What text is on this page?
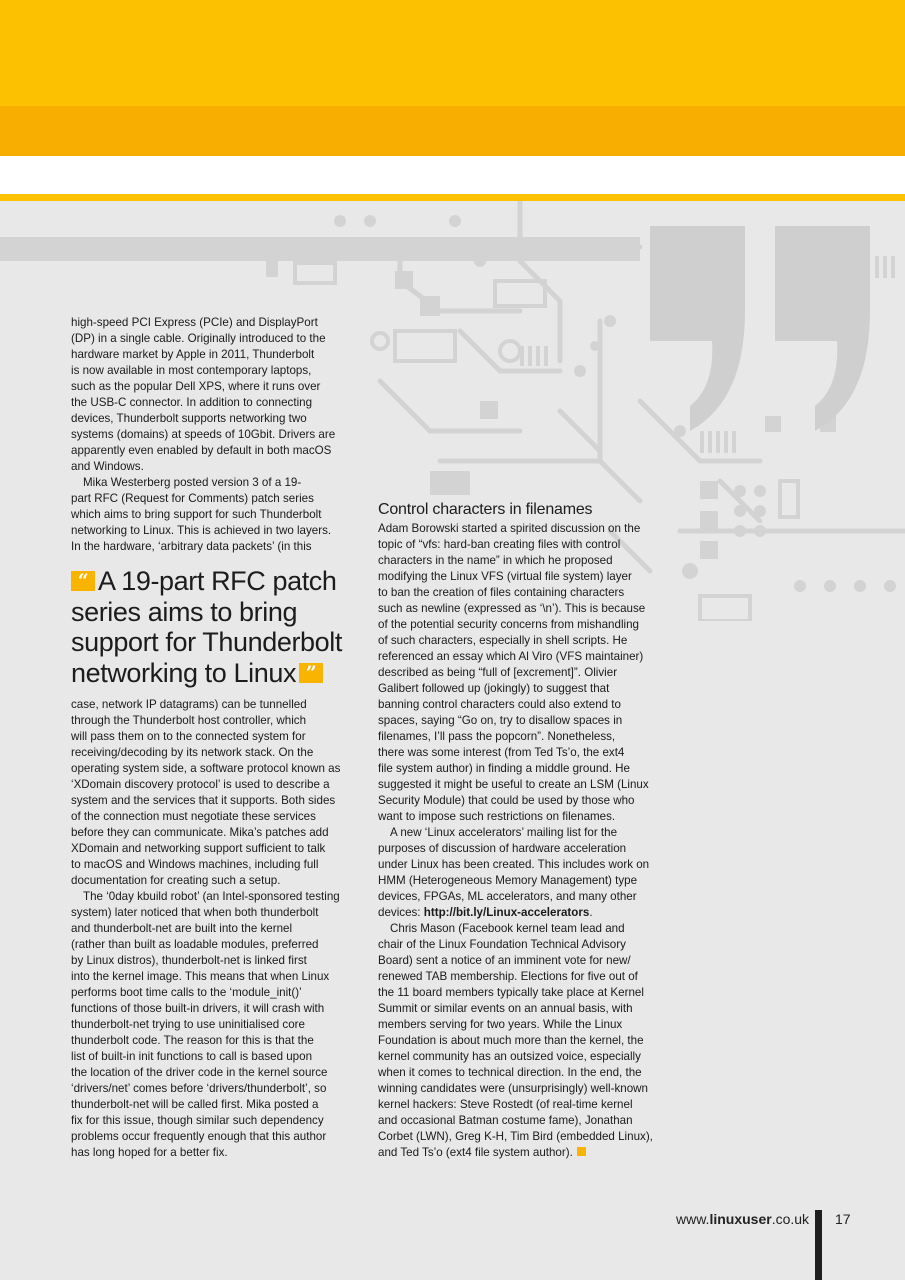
high-speed PCI Express (PCIe) and DisplayPort

(DP) in a single cable. Originally introduced to the

hardware market by Apple in 2011, Thunderbolt

is now available in most contemporary laptops,

such as the popular Dell XPS, where it runs over

the USB-C connector. In addition to connecting

devices, Thunderbolt supports networking two

systems (domains) at speeds of 10Gbit. Drivers are

apparently even enabled by default in both macOS

and Windows.

Mika Westerberg posted version 3 of a 19-

part RFC (Request for Comments) patch series

which aims to bring support for such Thunderbolt

networking to Linux. This is achieved in two layers.

In the hardware, ‘arbitrary data packets’ (in this

“ A 19-part RFC patch
series aims to bring
support for Thunderbolt
networking to Linux ”

case, network IP datagrams) can be tunnelled

through the Thunderbolt host controller, which

will pass them on to the connected system for

receiving/decoding by its network stack. On the

operating system side, a software protocol known as

‘XDomain discovery protocol’ is used to describe a

system and the services that it supports. Both sides

of the connection must negotiate these services

before they can communicate. Mika’s patches add

XDomain and networking support sufficient to talk

to macOS and Windows machines, including full

documentation for creating such a setup.

The ‘0day kbuild robot’ (an Intel-sponsored testing

system) later noticed that when both thunderbolt

and thunderbolt-net are built into the kernel

(rather than built as loadable modules, preferred

by Linux distros), thunderbolt-net is linked first

into the kernel image. This means that when Linux

performs boot time calls to the ‘module_init()’

functions of those built-in drivers, it will crash with

thunderbolt-net trying to use uninitialised core

thunderbolt code. The reason for this is that the

list of built-in init functions to call is based upon

the location of the driver code in the kernel source

‘drivers/net’ comes before ‘drivers/thunderbolt’, so

thunderbolt-net will be called first. Mika posted a

fix for this issue, though similar such dependency

problems occur frequently enough that this author

has long hoped for a better fix.

Control characters in filenames

Adam Borowski started a spirited discussion on the

topic of “vfs: hard-ban creating files with control

characters in the name” in which he proposed

modifying the Linux VFS (virtual file system) layer

to ban the creation of files containing characters

such as newline (expressed as ‘\n’). This is because

of the potential security concerns from mishandling

of such characters, especially in shell scripts. He

referenced an essay which Al Viro (VFS maintainer)

described as being “full of [excrement]”. Olivier

Galibert followed up (jokingly) to suggest that

banning control characters could also extend to

spaces, saying “Go on, try to disallow spaces in

filenames, I’ll pass the popcorn”. Nonetheless,

there was some interest (from Ted Ts’o, the ext4

file system author) in finding a middle ground. He

suggested it might be useful to create an LSM (Linux

Security Module) that could be used by those who

want to impose such restrictions on filenames.

A new ‘Linux accelerators’ mailing list for the

purposes of discussion of hardware acceleration

under Linux has been created. This includes work on

HMM (Heterogeneous Memory Management) type

devices, FPGAs, ML accelerators, and many other

devices: http://bit.ly/Linux-accelerators.

Chris Mason (Facebook kernel team lead and

chair of the Linux Foundation Technical Advisory

Board) sent a notice of an imminent vote for new/

renewed TAB membership. Elections for five out of

the 11 board members typically take place at Kernel

Summit or similar events on an annual basis, with

members serving for two years. While the Linux

Foundation is about much more than the kernel, the

kernel community has an outsized voice, especially

when it comes to technical direction. In the end, the

winning candidates were (unsurprisingly) well-known

kernel hackers: Steve Rostedt (of real-time kernel

and occasional Batman costume fame), Jonathan

Corbet (LWN), Greg K-H, Tim Bird (embedded Linux),

and Ted Ts’o (ext4 file system author).

www.linuxuser.co.uk 17
